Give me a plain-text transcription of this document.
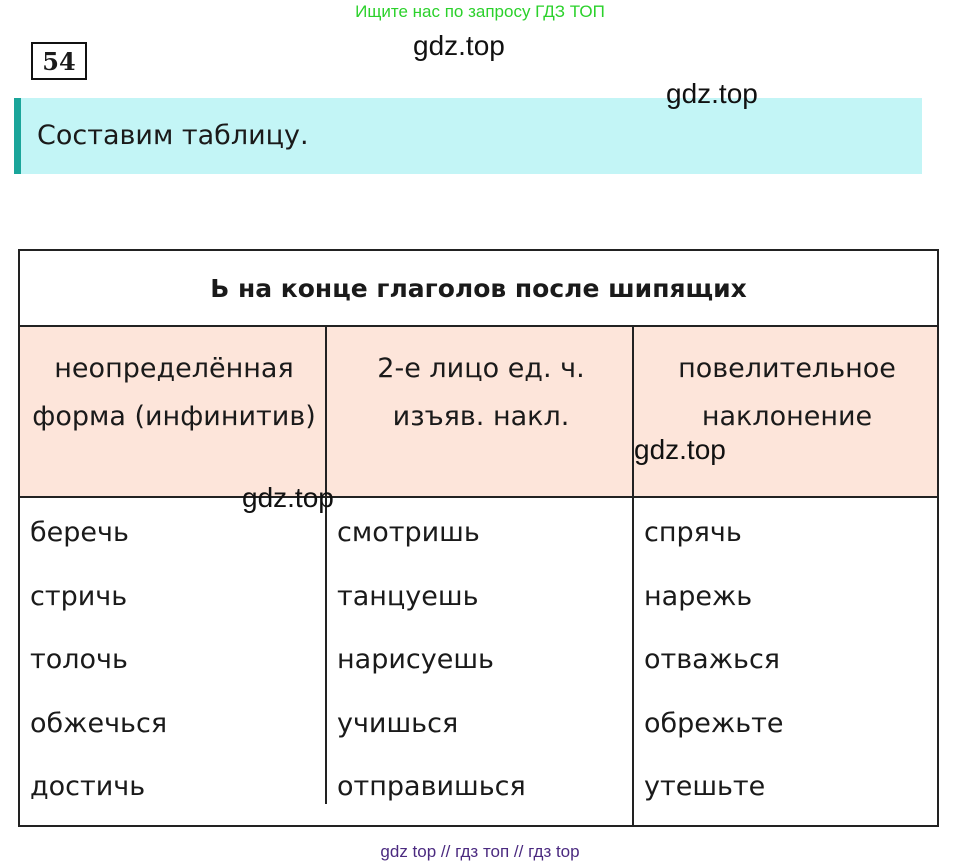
Ищите нас по запросу ГДЗ ТОП
54	gdz.top
Составим таблицу.
gdz.top
Ь на конце глаголов после шипящих
неопределённая форма (инфинитив)
2-е лицо ед. ч. изъяв. накл.
повелительное наклонение
беречь
стричь
толочь
обжечься
достичь
смотришь
танцуешь
нарисуешь
учишься
отправишься
спрячь
нарежь
отважься
обрежьте
утешьте
gdz.top
gdz.top
gdz top // гдз топ // гдз top
